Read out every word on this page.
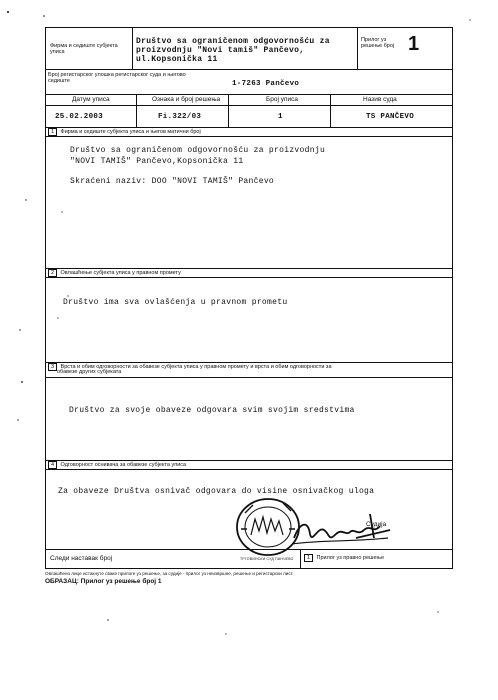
Фирма и седиште субјекта уписа
Društvo sa ograničenom odgovornošću za
proizvodnju "Novi tamiš" Pančevo,
ul.Kopsonička 11
Прилог уз решење број 1
Број регистарског улошка регистарског суда и његово седиште	1-7263 Pančevo
Датум уписа	Ознака и број решења	Број уписа	Назив суда
25.02.2003	Fi.322/03	1	TS PANČEVO
1 Фирма и седиште субјекта уписа и његов матични број
Društvo sa ograničenom odgovornošću za proizvodnju
"NOVI TAMIŠ" Pančevo,Kopsonička 11
Skraćeni naziv: DOO "NOVI TAMIŠ" Pančevo
2 Овлашћење субјекта уписа у правном промету
Društvo ima sva ovlašćenja u pravnom prometu
3 Врста и обим одговорности за обавезе субјекта уписа у правном промету и врста и обим одговорности за
обавезе других субјеката
Društvo za svoje obaveze odgovara svim svojim sredstvima
4 Одговорност оснивача за обавезе субјекта уписа
Za obaveze Društva osnivač odgovara do visine osnivačkog uloga
ТРГОВИНСКИ СУД ПАНЧЕВО
Судија
Следи наставак број	1 Прилог уз правно решење
Овлашћено лице истакнуте сваке прилоге уз решење, за судије - прилог уз неизвршне, решење и регистарски лист.
ОБРАЗАЦ: Прилог уз решење број 1
